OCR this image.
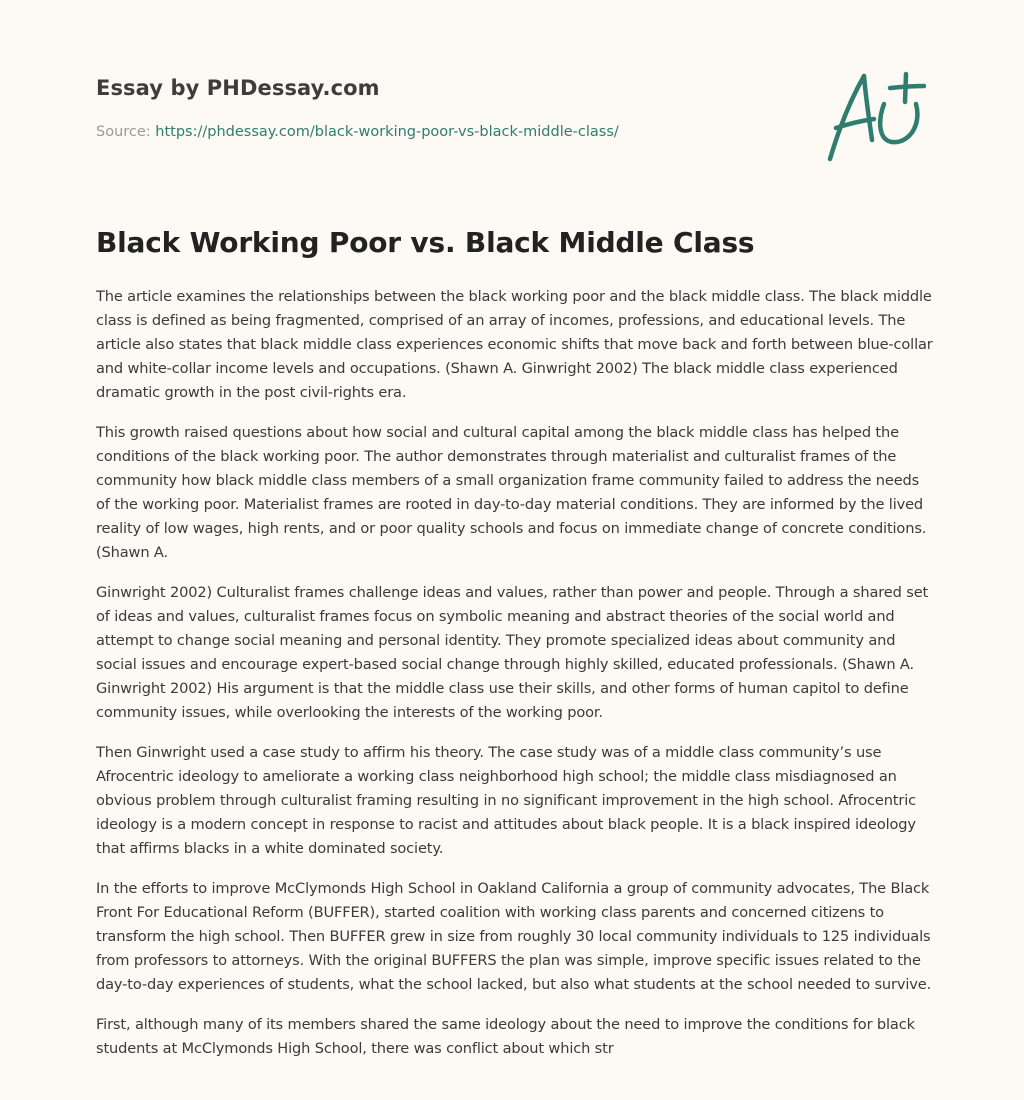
Essay by PHDessay.com
Source: https://phdessay.com/black-working-poor-vs-black-middle-class/
Black Working Poor vs. Black Middle Class

The article examines the relationships between the black working poor and the black middle class. The black middle class is defined as being fragmented, comprised of an array of incomes, professions, and educational levels. The article also states that black middle class experiences economic shifts that move back and forth between blue-collar and white-collar income levels and occupations. (Shawn A. Ginwright 2002) The black middle class experienced dramatic growth in the post civil-rights era.

This growth raised questions about how social and cultural capital among the black middle class has helped the conditions of the black working poor. The author demonstrates through materialist and culturalist frames of the community how black middle class members of a small organization frame community failed to address the needs of the working poor. Materialist frames are rooted in day-to-day material conditions. They are informed by the lived reality of low wages, high rents, and or poor quality schools and focus on immediate change of concrete conditions. (Shawn A.

Ginwright 2002) Culturalist frames challenge ideas and values, rather than power and people. Through a shared set of ideas and values, culturalist frames focus on symbolic meaning and abstract theories of the social world and attempt to change social meaning and personal identity. They promote specialized ideas about community and social issues and encourage expert-based social change through highly skilled, educated professionals. (Shawn A. Ginwright 2002) His argument is that the middle class use their skills, and other forms of human capitol to define community issues, while overlooking the interests of the working poor.

Then Ginwright used a case study to affirm his theory. The case study was of a middle class community’s use Afrocentric ideology to ameliorate a working class neighborhood high school; the middle class misdiagnosed an obvious problem through culturalist framing resulting in no significant improvement in the high school. Afrocentric ideology is a modern concept in response to racist and attitudes about black people. It is a black inspired ideology that affirms blacks in a white dominated society.

In the efforts to improve McClymonds High School in Oakland California a group of community advocates, The Black Front For Educational Reform (BUFFER), started coalition with working class parents and concerned citizens to transform the high school. Then BUFFER grew in size from roughly 30 local community individuals to 125 individuals from professors to attorneys. With the original BUFFERS the plan was simple, improve specific issues related to the day-to-day experiences of students, what the school lacked, but also what students at the school needed to survive.

First, although many of its members shared the same ideology about the need to improve the conditions for black students at McClymonds High School, there was conflict about which str
